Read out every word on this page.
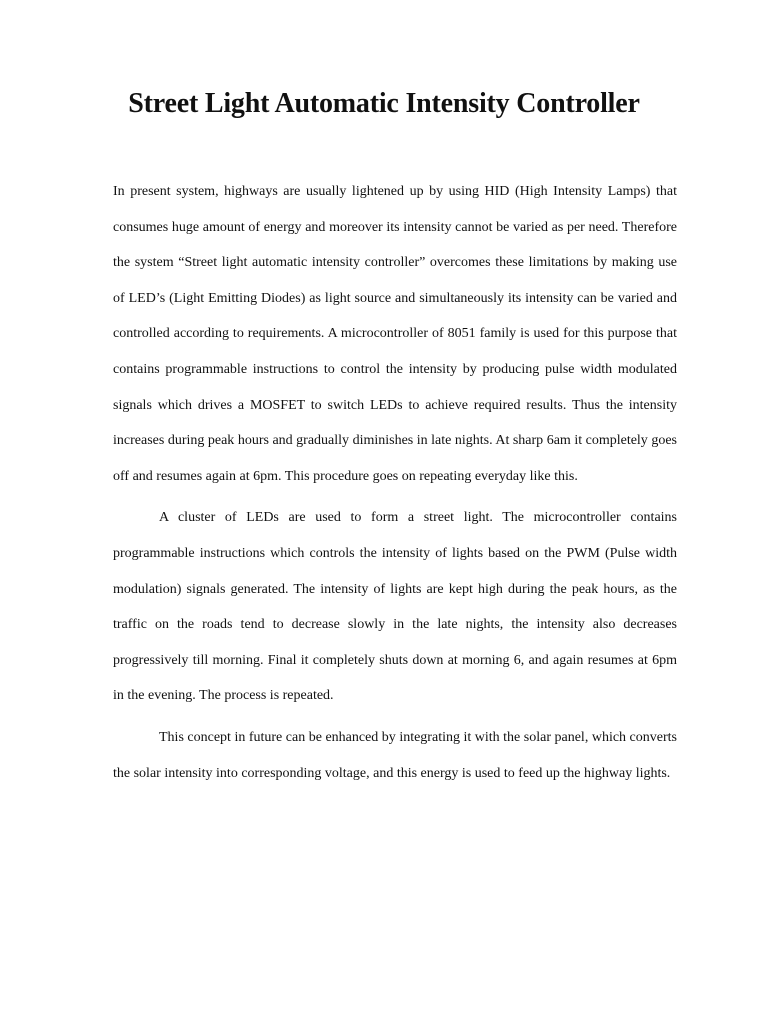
Street Light Automatic Intensity Controller

In present system, highways are usually lightened up by using HID (High Intensity Lamps) that consumes huge amount of energy and moreover its intensity cannot be varied as per need. Therefore the system “Street light automatic intensity controller” overcomes these limitations by making use of LED’s (Light Emitting Diodes) as light source and simultaneously its intensity can be varied and controlled according to requirements. A microcontroller of 8051 family is used for this purpose that contains programmable instructions to control the intensity by producing pulse width modulated signals which drives a MOSFET to switch LEDs to achieve required results. Thus the intensity increases during peak hours and gradually diminishes in late nights. At sharp 6am it completely goes off and resumes again at 6pm. This procedure goes on repeating everyday like this.

A cluster of LEDs are used to form a street light. The microcontroller contains programmable instructions which controls the intensity of lights based on the PWM (Pulse width modulation) signals generated. The intensity of lights are kept high during the peak hours, as the traffic on the roads tend to decrease slowly in the late nights, the intensity also decreases progressively till morning. Final it completely shuts down at morning 6, and again resumes at 6pm in the evening. The process is repeated.

This concept in future can be enhanced by integrating it with the solar panel, which converts the solar intensity into corresponding voltage, and this energy is used to feed up the highway lights.
